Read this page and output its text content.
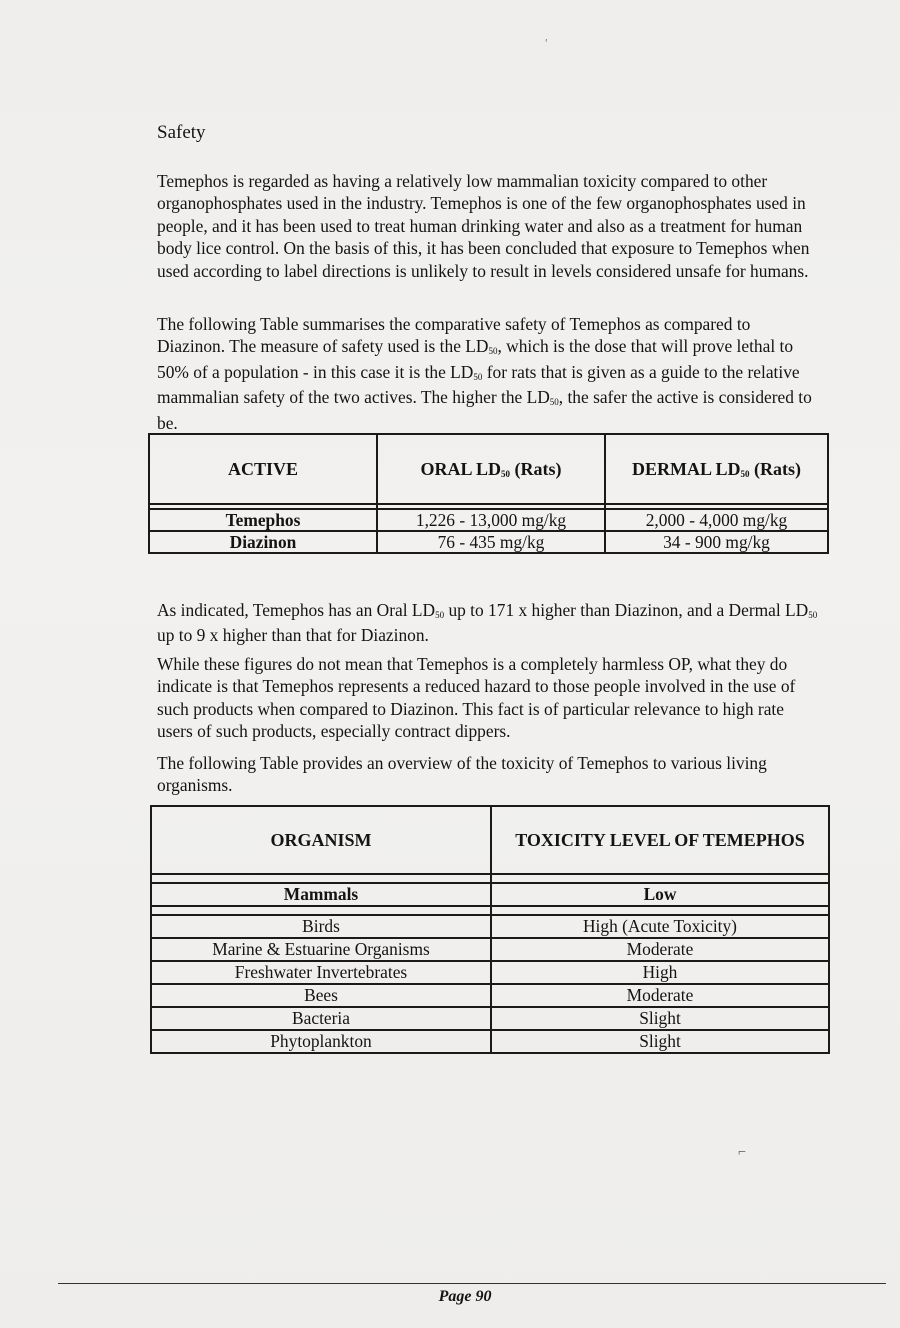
ʿ
Safety

Temephos is regarded as having a relatively low mammalian toxicity compared to other organophosphates used in the industry. Temephos is one of the few organophosphates used in people, and it has been used to treat human drinking water and also as a treatment for human body lice control. On the basis of this, it has been concluded that exposure to Temephos when used according to label directions is unlikely to result in levels considered unsafe for humans.

The following Table summarises the comparative safety of Temephos as compared to Diazinon. The measure of safety used is the $LD_{50}$, which is the dose that will prove lethal to 50% of a population - in this case it is the $LD_{50}$ for rats that is given as a guide to the relative mammalian safety of the two actives. The higher the $LD_{50}$, the safer the active is considered to be.

ACTIVE	ORAL $LD_{50}$ (Rats)	DERMAL $LD_{50}$ (Rats)

Temephos	1,226 - 13,000 mg/kg	2,000 - 4,000 mg/kg
Diazinon	76 - 435 mg/kg	34 - 900 mg/kg

As indicated, Temephos has an Oral $LD_{50}$ up to 171 x higher than Diazinon, and a Dermal $LD_{50}$ up to 9 x higher than that for Diazinon.

While these figures do not mean that Temephos is a completely harmless OP, what they do indicate is that Temephos represents a reduced hazard to those people involved in the use of such products when compared to Diazinon. This fact is of particular relevance to high rate users of such products, especially contract dippers.

The following Table provides an overview of the toxicity of Temephos to various living organisms.

ORGANISM	TOXICITY LEVEL OF TEMEPHOS

Mammals	Low

Birds	High (Acute Toxicity)
Marine & Estuarine Organisms	Moderate
Freshwater Invertebrates	High
Bees	Moderate
Bacteria	Slight
Phytoplankton	Slight
⌐
Page 90
